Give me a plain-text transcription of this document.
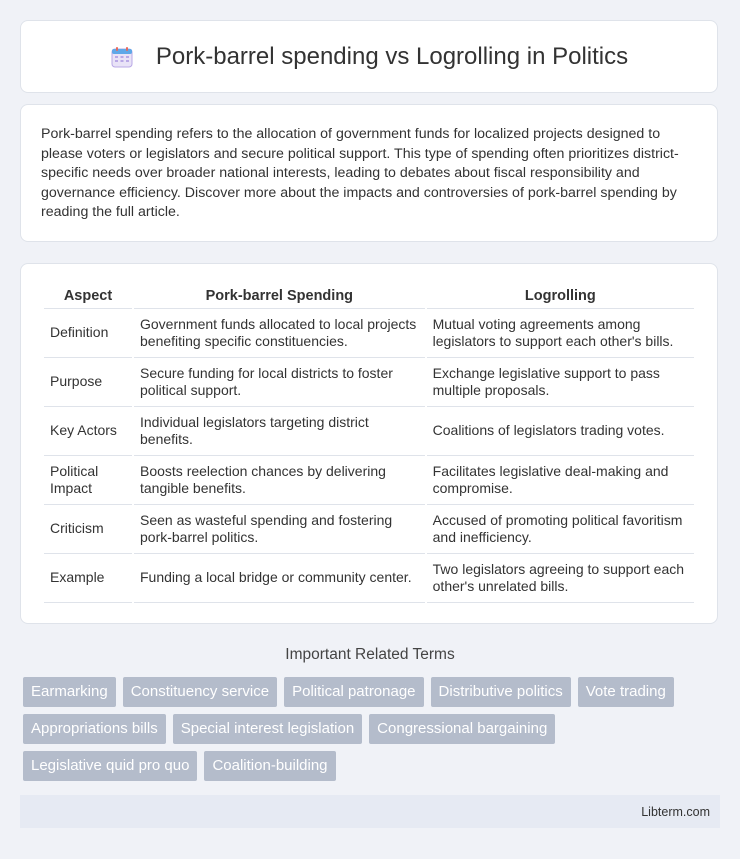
Pork-barrel spending vs Logrolling in Politics

Pork-barrel spending refers to the allocation of government funds for localized projects designed to please voters or legislators and secure political support. This type of spending often prioritizes district-specific needs over broader national interests, leading to debates about fiscal responsibility and governance efficiency. Discover more about the impacts and controversies of pork-barrel spending by reading the full article.

Aspect	Pork-barrel Spending	Logrolling
Definition	Government funds allocated to local projects benefiting specific constituencies.	Mutual voting agreements among legislators to support each other's bills.
Purpose	Secure funding for local districts to foster political support.	Exchange legislative support to pass multiple proposals.
Key Actors	Individual legislators targeting district benefits.	Coalitions of legislators trading votes.
Political Impact	Boosts reelection chances by delivering tangible benefits.	Facilitates legislative deal-making and compromise.
Criticism	Seen as wasteful spending and fostering pork-barrel politics.	Accused of promoting political favoritism and inefficiency.
Example	Funding a local bridge or community center.	Two legislators agreeing to support each other's unrelated bills.
Important Related Terms
Earmarking	Constituency service	Political patronage	Distributive politics	Vote trading
Appropriations bills	Special interest legislation	Congressional bargaining
Legislative quid pro quo	Coalition-building
Libterm.com
